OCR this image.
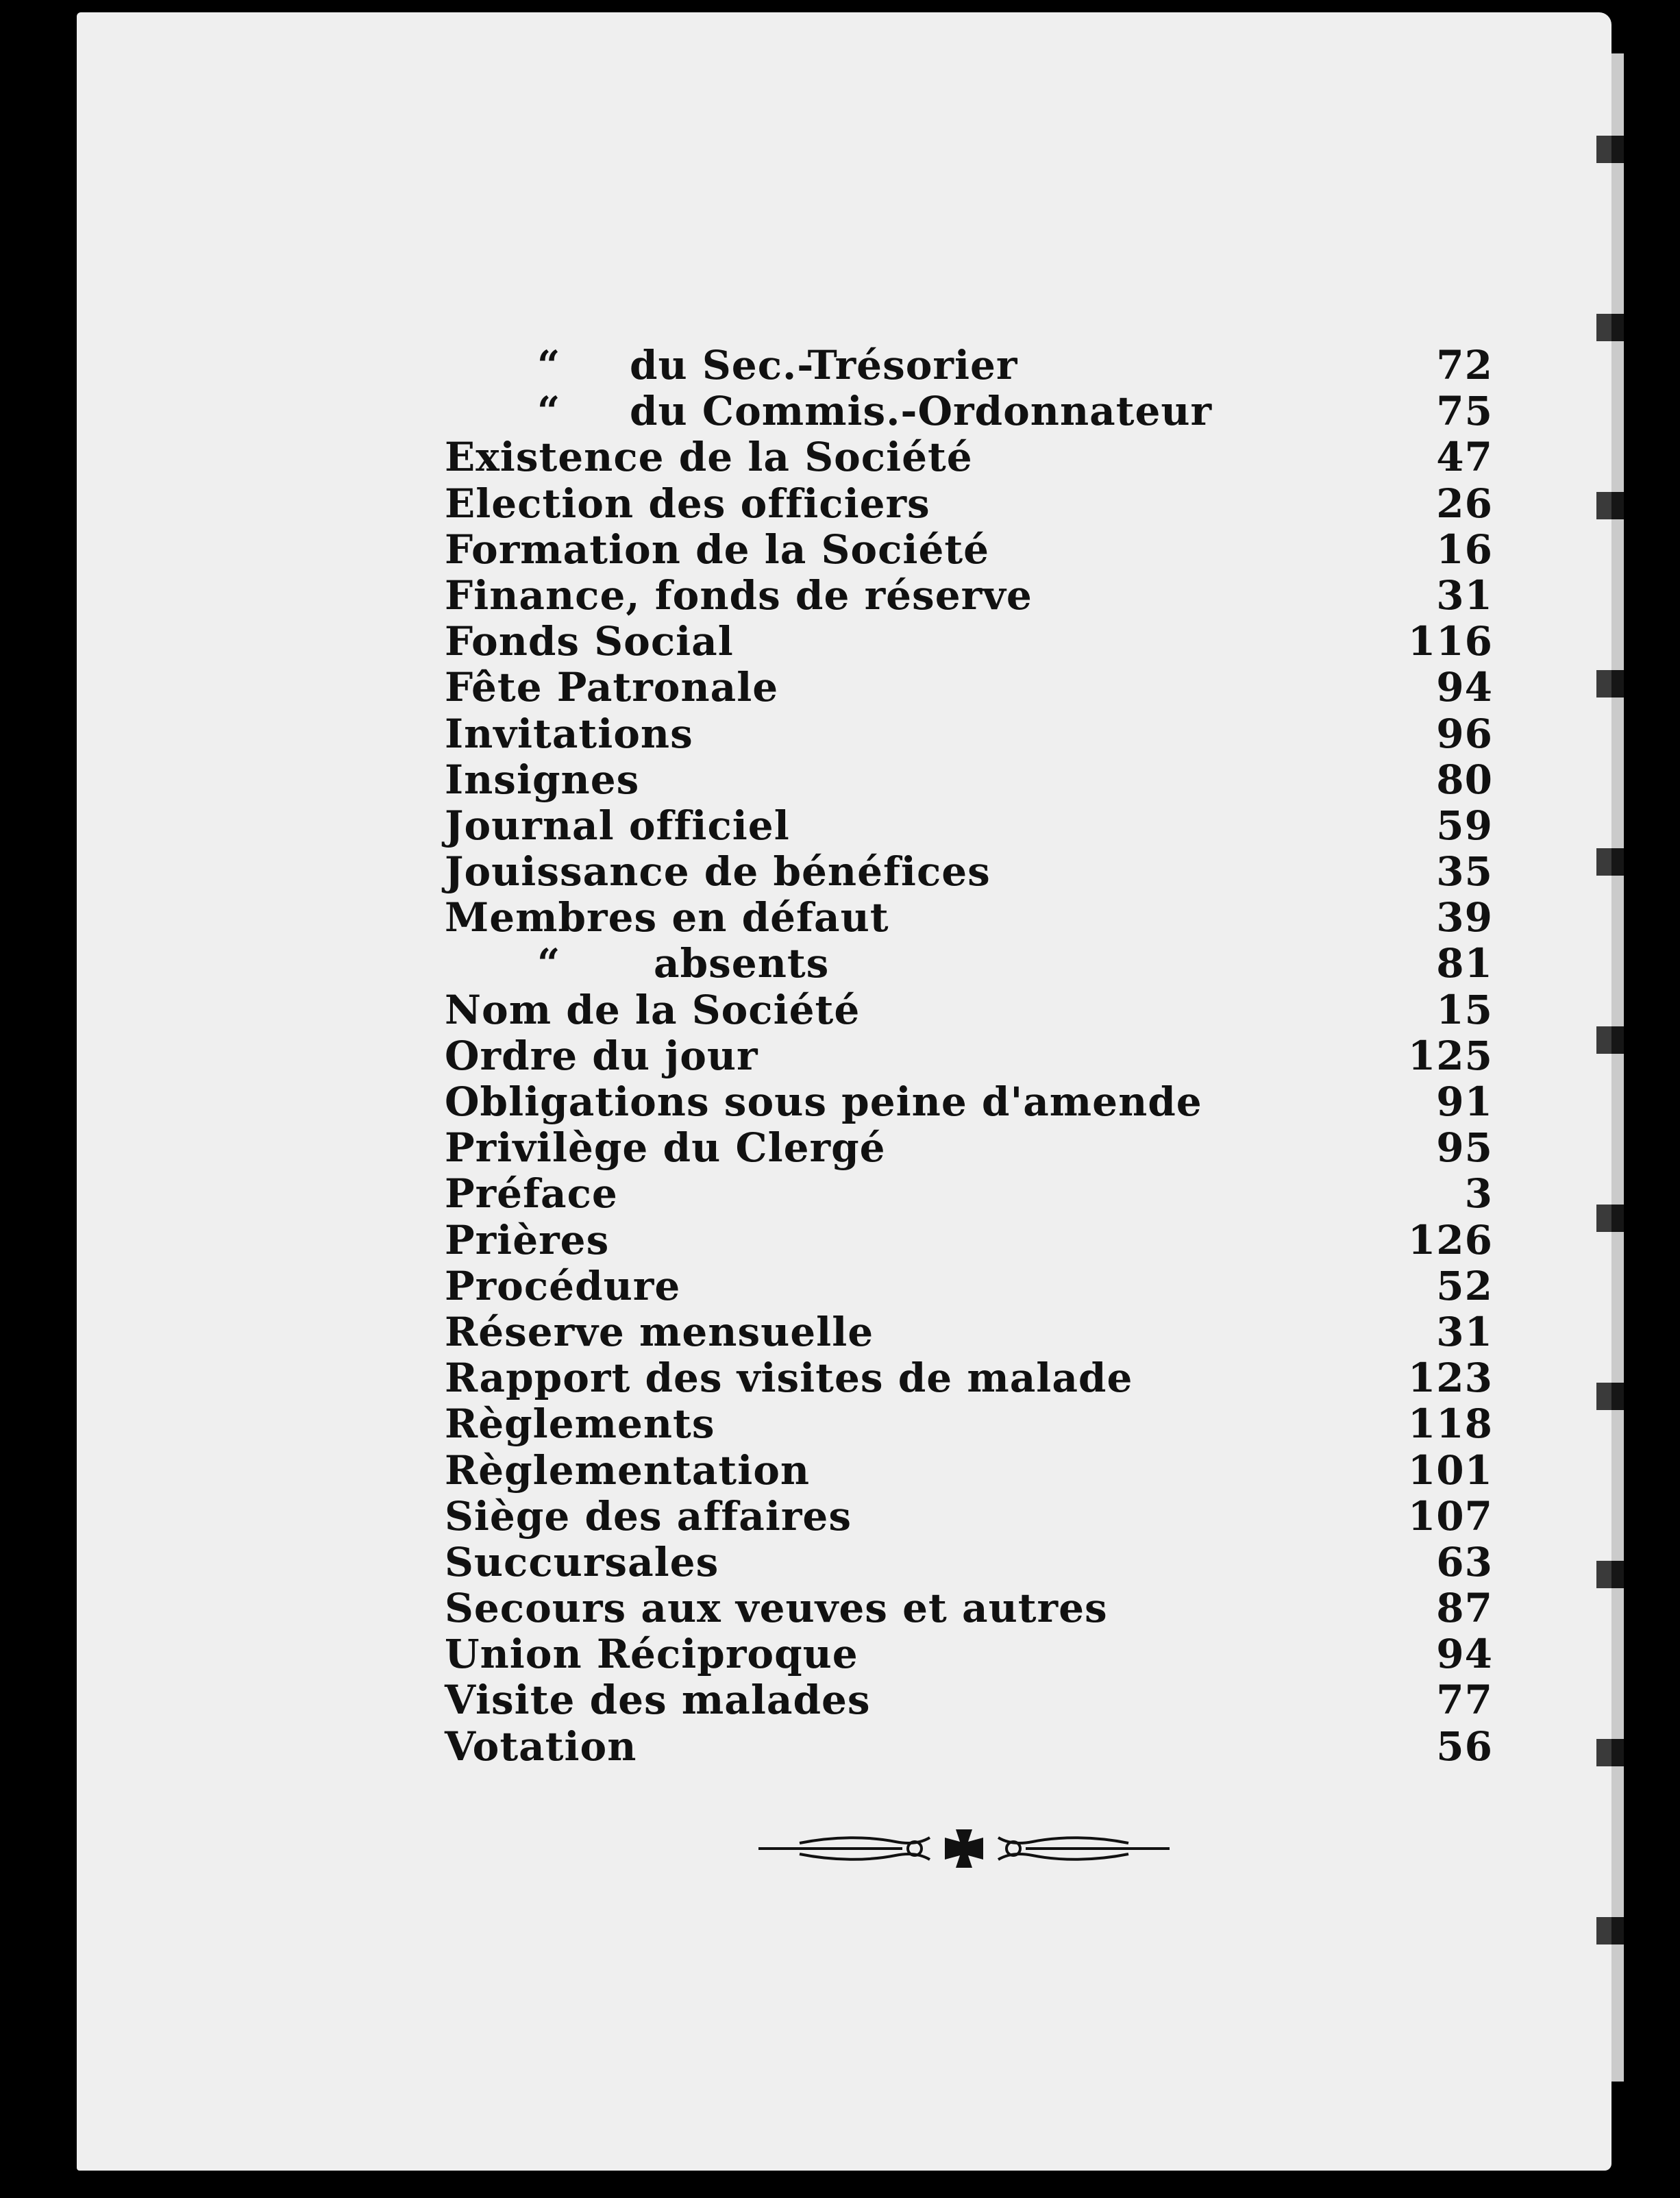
“ du Sec.-Trésorier	72
“ du Commis.-Ordonnateur	75
Existence de la Société	47
Election des officiers	26
Formation de la Société	16
Finance, fonds de réserve	31
Fonds Social	116
Fête Patronale	94
Invitations	96
Insignes	80
Journal officiel	59
Jouissance de bénéfices	35
Membres en défaut	39
“ absents	81
Nom de la Société	15
Ordre du jour	125
Obligations sous peine d'amende	91
Privilège du Clergé	95
Préface	3
Prières	126
Procédure	52
Réserve mensuelle	31
Rapport des visites de malade	123
Règlements	118
Règlementation	101
Siège des affaires	107
Succursales	63
Secours aux veuves et autres	87
Union Réciproque	94
Visite des malades	77
Votation	56
